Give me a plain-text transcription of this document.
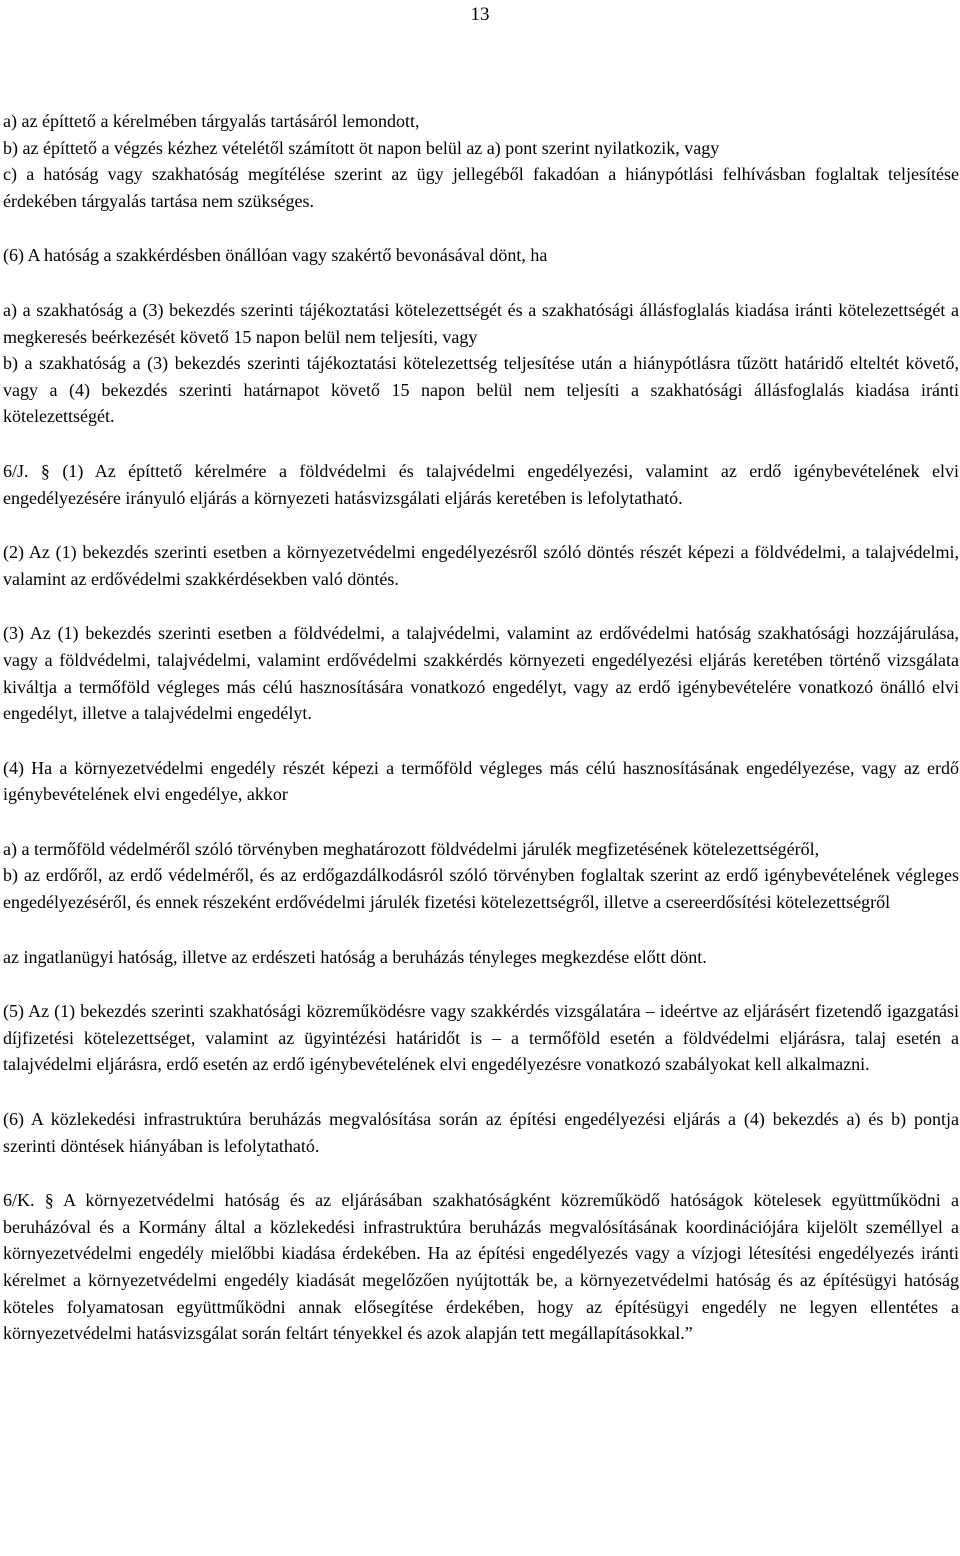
13

a) az építtető a kérelmében tárgyalás tartásáról lemondott,

b) az építtető a végzés kézhez vételétől számított öt napon belül az a) pont szerint nyilatkozik, vagy

c) a hatóság vagy szakhatóság megítélése szerint az ügy jellegéből fakadóan a hiánypótlási felhívásban foglaltak teljesítése érdekében tárgyalás tartása nem szükséges.

(6) A hatóság a szakkérdésben önállóan vagy szakértő bevonásával dönt, ha

a) a szakhatóság a (3) bekezdés szerinti tájékoztatási kötelezettségét és a szakhatósági állásfoglalás kiadása iránti kötelezettségét a megkeresés beérkezését követő 15 napon belül nem teljesíti, vagy

b) a szakhatóság a (3) bekezdés szerinti tájékoztatási kötelezettség teljesítése után a hiánypótlásra tűzött határidő elteltét követő, vagy a (4) bekezdés szerinti határnapot követő 15 napon belül nem teljesíti a szakhatósági állásfoglalás kiadása iránti kötelezettségét.

6/J. § (1) Az építtető kérelmére a földvédelmi és talajvédelmi engedélyezési, valamint az erdő igénybevételének elvi engedélyezésére irányuló eljárás a környezeti hatásvizsgálati eljárás keretében is lefolytatható.

(2) Az (1) bekezdés szerinti esetben a környezetvédelmi engedélyezésről szóló döntés részét képezi a földvédelmi, a talajvédelmi, valamint az erdővédelmi szakkérdésekben való döntés.

(3) Az (1) bekezdés szerinti esetben a földvédelmi, a talajvédelmi, valamint az erdővédelmi hatóság szakhatósági hozzájárulása, vagy a földvédelmi, talajvédelmi, valamint erdővédelmi szakkérdés környezeti engedélyezési eljárás keretében történő vizsgálata kiváltja a termőföld végleges más célú hasznosítására vonatkozó engedélyt, vagy az erdő igénybevételére vonatkozó önálló elvi engedélyt, illetve a talajvédelmi engedélyt.

(4) Ha a környezetvédelmi engedély részét képezi a termőföld végleges más célú hasznosításának engedélyezése, vagy az erdő igénybevételének elvi engedélye, akkor

a) a termőföld védelméről szóló törvényben meghatározott földvédelmi járulék megfizetésének kötelezettségéről,

b) az erdőről, az erdő védelméről, és az erdőgazdálkodásról szóló törvényben foglaltak szerint az erdő igénybevételének végleges engedélyezéséről, és ennek részeként erdővédelmi járulék fizetési kötelezettségről, illetve a csereerdősítési kötelezettségről

az ingatlanügyi hatóság, illetve az erdészeti hatóság a beruházás tényleges megkezdése előtt dönt.

(5) Az (1) bekezdés szerinti szakhatósági közreműködésre vagy szakkérdés vizsgálatára – ideértve az eljárásért fizetendő igazgatási díjfizetési kötelezettséget, valamint az ügyintézési határidőt is – a termőföld esetén a földvédelmi eljárásra, talaj esetén a talajvédelmi eljárásra, erdő esetén az erdő igénybevételének elvi engedélyezésre vonatkozó szabályokat kell alkalmazni.

(6) A közlekedési infrastruktúra beruházás megvalósítása során az építési engedélyezési eljárás a (4) bekezdés a) és b) pontja szerinti döntések hiányában is lefolytatható.

6/K. § A környezetvédelmi hatóság és az eljárásában szakhatóságként közreműködő hatóságok kötelesek együttműködni a beruházóval és a Kormány által a közlekedési infrastruktúra beruházás megvalósításának koordinációjára kijelölt személlyel a környezetvédelmi engedély mielőbbi kiadása érdekében. Ha az építési engedélyezés vagy a vízjogi létesítési engedélyezés iránti kérelmet a környezetvédelmi engedély kiadását megelőzően nyújtották be, a környezetvédelmi hatóság és az építésügyi hatóság köteles folyamatosan együttműködni annak elősegítése érdekében, hogy az építésügyi engedély ne legyen ellentétes a környezetvédelmi hatásvizsgálat során feltárt tényekkel és azok alapján tett megállapításokkal.”
